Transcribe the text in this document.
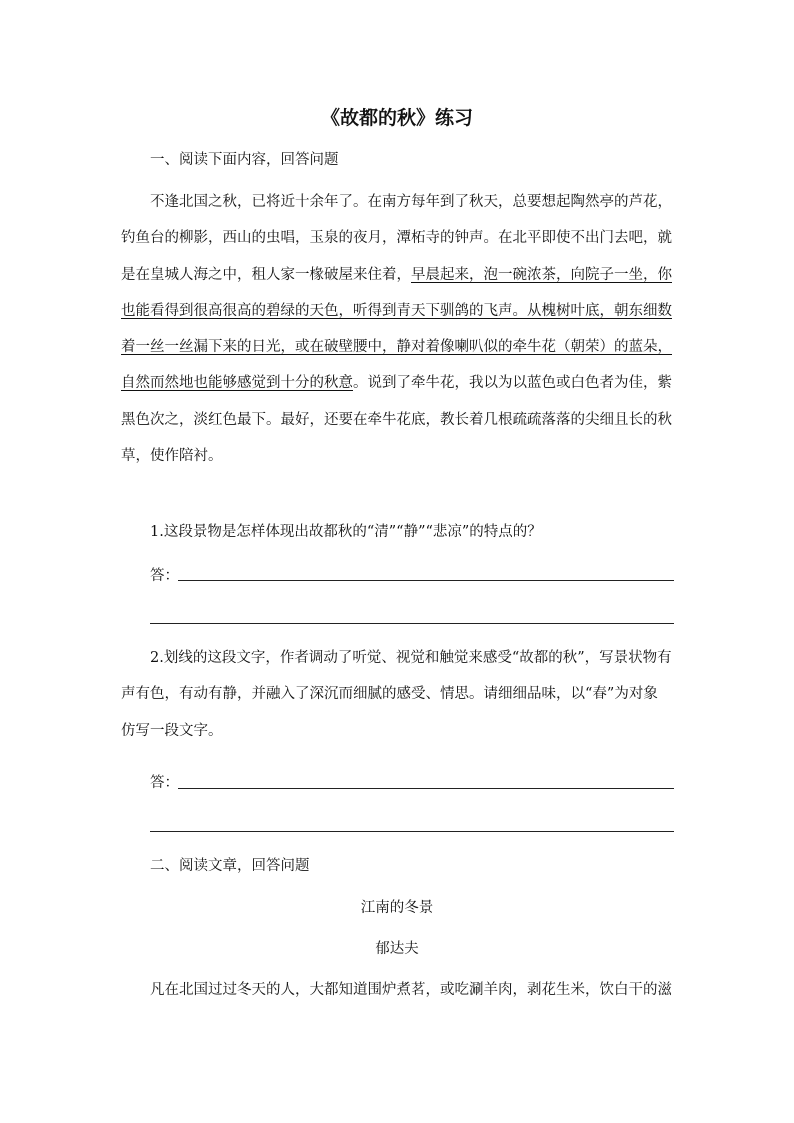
《故都的秋》练习
一、阅读下面内容，回答问题
不逢北国之秋，已将近十余年了。在南方每年到了秋天，总要想起陶然亭的芦花，
钓鱼台的柳影，西山的虫唱，玉泉的夜月，潭柘寺的钟声。在北平即使不出门去吧，就
是在皇城人海之中，租人家一椽破屋来住着，早晨起来，泡一碗浓茶，向院子一坐，你
也能看得到很高很高的碧绿的天色，听得到青天下驯鸽的飞声。从槐树叶底，朝东细数
着一丝一丝漏下来的日光，或在破壁腰中，静对着像喇叭似的牵牛花（朝荣）的蓝朵，
自然而然地也能够感觉到十分的秋意。说到了牵牛花，我以为以蓝色或白色者为佳，紫
黑色次之，淡红色最下。最好，还要在牵牛花底，教长着几根疏疏落落的尖细且长的秋
草，使作陪衬。
1.这段景物是怎样体现出故都秋的“清”“静”“悲凉”的特点的？
答：
2.划线的这段文字，作者调动了听觉、视觉和触觉来感受“故都的秋”，写景状物有
声有色，有动有静，并融入了深沉而细腻的感受、情思。请细细品味，以“春”为对象
仿写一段文字。
答：
二、阅读文章，回答问题
江南的冬景
郁达夫
凡在北国过过冬天的人，大都知道围炉煮茗，或吃涮羊肉，剥花生米，饮白干的滋
